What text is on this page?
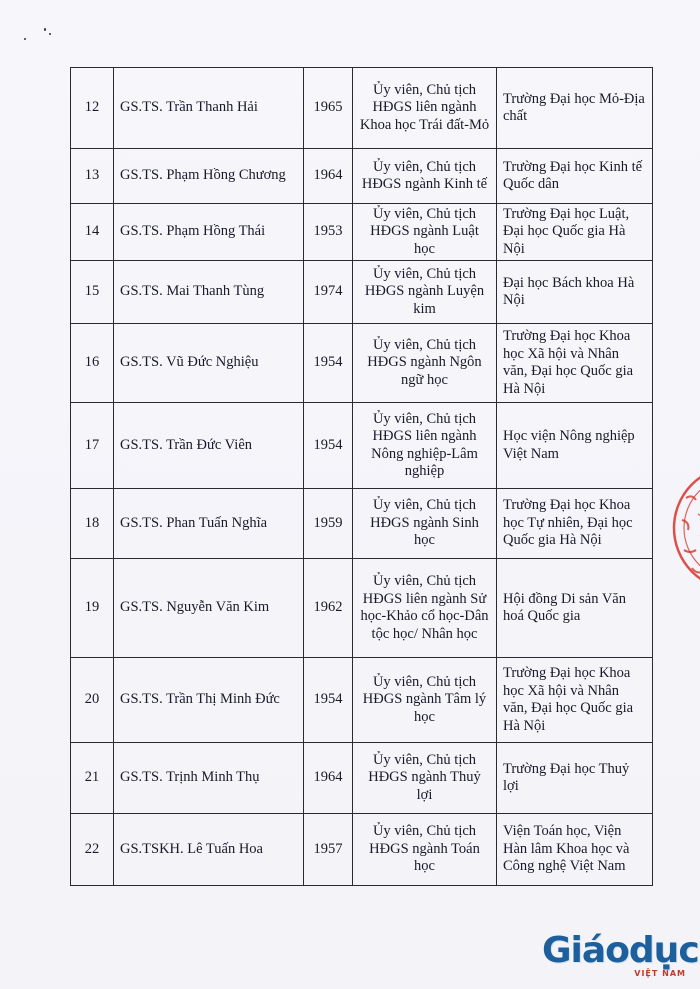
12	GS.TS. Trần Thanh Hải	1965	Ủy viên, Chủ tịch HĐGS liên ngành Khoa học Trái đất-Mỏ	Trường Đại học Mỏ-Địa chất
13	GS.TS. Phạm Hồng Chương	1964	Ủy viên, Chủ tịch HĐGS ngành Kinh tế	Trường Đại học Kinh tế Quốc dân
14	GS.TS. Phạm Hồng Thái	1953	Ủy viên, Chủ tịch HĐGS ngành Luật học	Trường Đại học Luật, Đại học Quốc gia Hà Nội
15	GS.TS. Mai Thanh Tùng	1974	Ủy viên, Chủ tịch HĐGS ngành Luyện kim	Đại học Bách khoa Hà Nội
16	GS.TS. Vũ Đức Nghiệu	1954	Ủy viên, Chủ tịch HĐGS ngành Ngôn ngữ học	Trường Đại học Khoa học Xã hội và Nhân văn, Đại học Quốc gia Hà Nội
17	GS.TS. Trần Đức Viên	1954	Ủy viên, Chủ tịch HĐGS liên ngành Nông nghiệp-Lâm nghiệp	Học viện Nông nghiệp Việt Nam
18	GS.TS. Phan Tuấn Nghĩa	1959	Ủy viên, Chủ tịch HĐGS ngành Sinh học	Trường Đại học Khoa học Tự nhiên, Đại học Quốc gia Hà Nội
19	GS.TS. Nguyễn Văn Kim	1962	Ủy viên, Chủ tịch HĐGS liên ngành Sử học-Khảo cổ học-Dân tộc học/ Nhân học	Hội đồng Di sản Văn hoá Quốc gia
20	GS.TS. Trần Thị Minh Đức	1954	Ủy viên, Chủ tịch HĐGS ngành Tâm lý học	Trường Đại học Khoa học Xã hội và Nhân văn, Đại học Quốc gia Hà Nội
21	GS.TS. Trịnh Minh Thụ	1964	Ủy viên, Chủ tịch HĐGS ngành Thuỷ lợi	Trường Đại học Thuỷ lợi
22	GS.TSKH. Lê Tuấn Hoa	1957	Ủy viên, Chủ tịch HĐGS ngành Toán học	Viện Toán học, Viện Hàn lâm Khoa học và Công nghệ Việt Nam
Giáodục
VIỆT NAM
